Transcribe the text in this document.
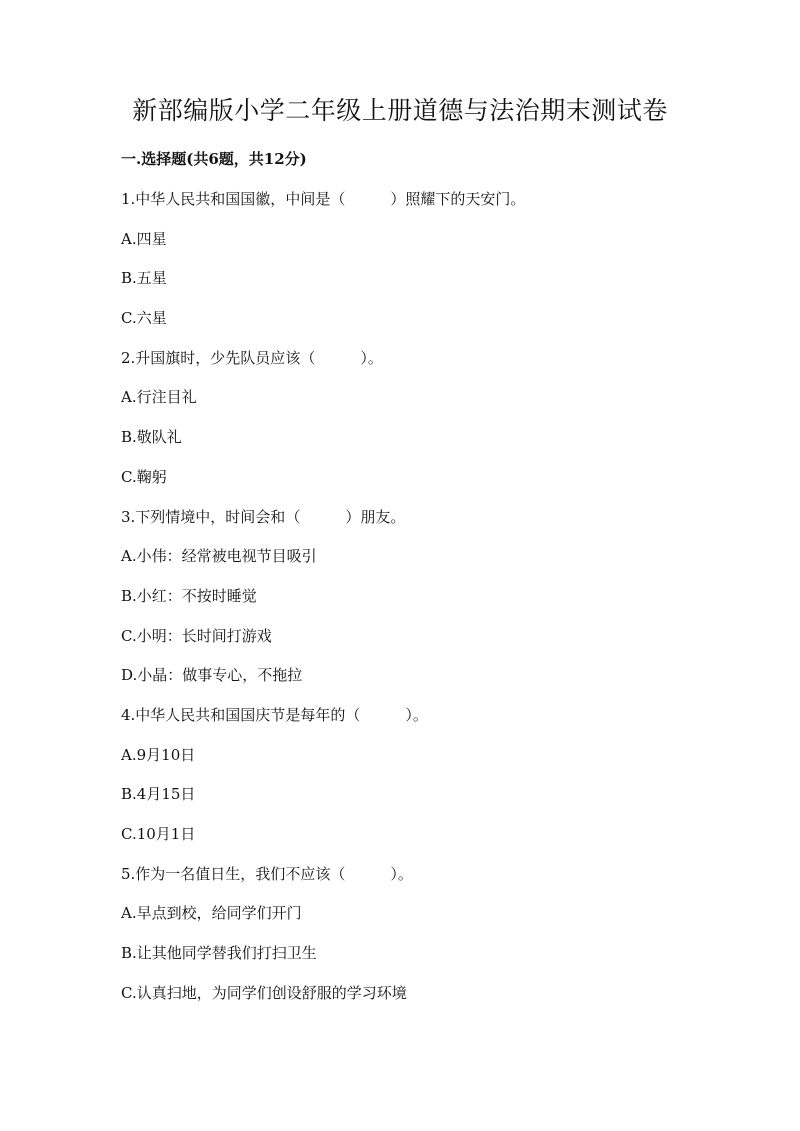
新部编版小学二年级上册道德与法治期末测试卷
一.选择题(共6题，共12分)
1.中华人民共和国国徽，中间是（　　　）照耀下的天安门。
A.四星
B.五星
C.六星
2.升国旗时，少先队员应该（　　　）。
A.行注目礼
B.敬队礼
C.鞠躬
3.下列情境中，时间会和（　　　）朋友。
A.小伟：经常被电视节目吸引
B.小红：不按时睡觉
C.小明：长时间打游戏
D.小晶：做事专心，不拖拉
4.中华人民共和国国庆节是每年的（　　　）。
A.9月10日
B.4月15日
C.10月1日
5.作为一名值日生，我们不应该（　　　）。
A.早点到校，给同学们开门
B.让其他同学替我们打扫卫生
C.认真扫地，为同学们创设舒服的学习环境
